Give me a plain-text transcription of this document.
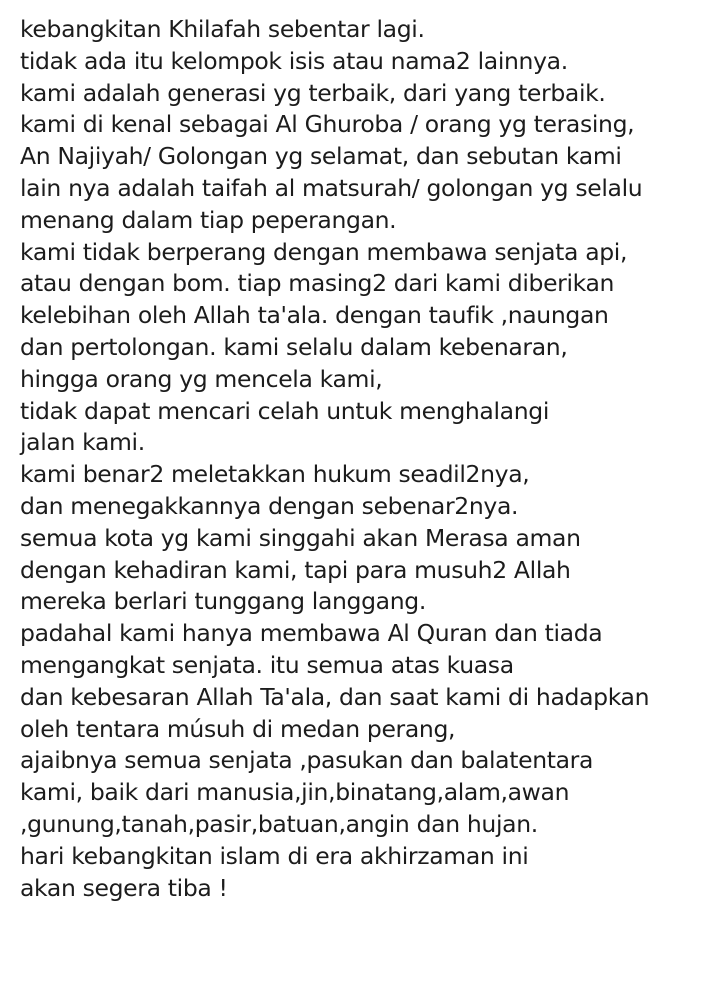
kebangkitan Khilafah sebentar lagi.
tidak ada itu kelompok isis atau nama2 lainnya.
kami adalah generasi yg terbaik, dari yang terbaik.
kami di kenal sebagai Al Ghuroba / orang yg terasing,
An Najiyah/ Golongan yg selamat, dan sebutan kami
lain nya adalah taifah al matsurah/ golongan yg selalu
menang dalam tiap peperangan.
kami tidak berperang dengan membawa senjata api,
atau dengan bom. tiap masing2 dari kami diberikan
kelebihan oleh Allah ta'ala. dengan taufik ,naungan
dan pertolongan. kami selalu dalam kebenaran,
hingga orang yg mencela kami,
tidak dapat mencari celah untuk menghalangi
jalan kami.
kami benar2 meletakkan hukum seadil2nya,
dan menegakkannya dengan sebenar2nya.
semua kota yg kami singgahi akan Merasa aman
dengan kehadiran kami, tapi para musuh2 Allah
mereka berlari tunggang langgang.
padahal kami hanya membawa Al Quran dan tiada
mengangkat senjata. itu semua atas kuasa
dan kebesaran Allah Ta'ala, dan saat kami di hadapkan
oleh tentara músuh di medan perang,
ajaibnya semua senjata ,pasukan dan balatentara
kami, baik dari manusia,jin,binatang,alam,awan
,gunung,tanah,pasir,batuan,angin dan hujan.
hari kebangkitan islam di era akhirzaman ini
akan segera tiba !
